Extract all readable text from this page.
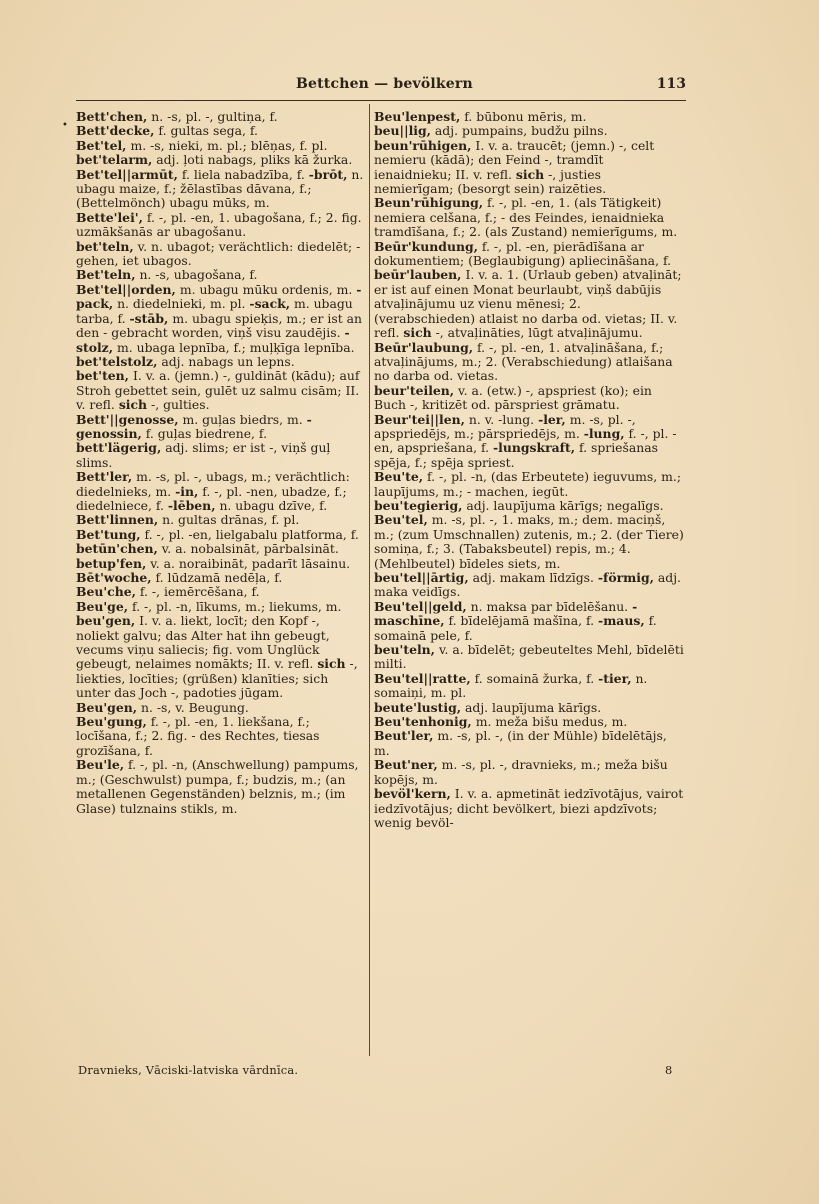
Bettchen — bevölkern	113
•
Bett'chen, n. -s, pl. -, gultiņa, f.
Bett'decke, f. gultas sega, f.
Bet'tel, m. -s, nieki, m. pl.; blēņas, f. pl.
bet'telarm, adj. ļoti nabags, pliks kā žurka.
Bet'tel||armūt, f. liela nabadzība, f. -brōt, n. ubagu maize, f.; žēlastības dāvana, f.; (Bettelmönch) ubagu mūks, m.
Bette'lei', f. -, pl. -en, 1. ubagošana, f.; 2. fig. uzmākšanās ar ubagošanu.
bet'teln, v. n. ubagot; verächtlich: diedelēt; - gehen, iet ubagos.
Bet'teln, n. -s, ubagošana, f.
Bet'tel||orden, m. ubagu mūku ordenis, m. -pack, n. diedelnieki, m. pl. -sack, m. ubagu tarba, f. -stāb, m. ubagu spieķis, m.; er ist an den - gebracht worden, viņš visu zaudējis. -stolz, m. ubaga lepnība, f.; muļķīga lepnība.
bet'telstolz, adj. nabags un lepns.
bet'ten, I. v. a. (jemn.) -, guldināt (kādu); auf Stroh gebettet sein, gulēt uz salmu cisām; II. v. refl. sich -, gulties.
Bett'||genosse, m. guļas biedrs, m. -genossin, f. guļas biedrene, f.
bett'lägerig, adj. slims; er ist -, viņš guļ slims.
Bett'ler, m. -s, pl. -, ubags, m.; verächtlich: diedelnieks, m. -in, f. -, pl. -nen, ubadze, f.; diedelniece, f. -lēben, n. ubagu dzīve, f.
Bett'linnen, n. gultas drānas, f. pl.
Bet'tung, f. -, pl. -en, lielgabalu platforma, f.
betūn'chen, v. a. nobalsināt, pārbalsināt.
betup'fen, v. a. noraibināt, padarīt lāsainu.
Bēt'woche, f. lūdzamā nedēļa, f.
Beu'che, f. -, iemērcēšana, f.
Beu'ge, f. -, pl. -n, līkums, m.; liekums, m.
beu'gen, I. v. a. liekt, locīt; den Kopf -, noliekt galvu; das Alter hat ihn gebeugt, vecums viņu saliecis; fig. vom Unglück gebeugt, nelaimes nomākts; II. v. refl. sich -, liekties, locīties; (grüßen) klanīties; sich unter das Joch -, padoties jūgam.
Beu'gen, n. -s, v. Beugung.
Beu'gung, f. -, pl. -en, 1. liekšana, f.; locīšana, f.; 2. fig. - des Rechtes, tiesas grozīšana, f.
Beu'le, f. -, pl. -n, (Anschwellung) pampums, m.; (Geschwulst) pumpa, f.; budzis, m.; (an metallenen Gegenständen) belznis, m.; (im Glase) tulznains stikls, m.
Beu'lenpest, f. būbonu mēris, m.
beu||lig, adj. pumpains, budžu pilns.
beun'rūhigen, I. v. a. traucēt; (jemn.) -, celt nemieru (kādā); den Feind -, tramdīt ienaidnieku; II. v. refl. sich -, justies nemierīgam; (besorgt sein) raizēties.
Beun'rūhigung, f. -, pl. -en, 1. (als Tätigkeit) nemiera celšana, f.; - des Feindes, ienaidnieka tramdīšana, f.; 2. (als Zustand) nemierīgums, m.
Beūr'kundung, f. -, pl. -en, pierādīšana ar dokumentiem; (Beglaubigung) apliecināšana, f.
beūr'lauben, I. v. a. 1. (Urlaub geben) atvaļināt; er ist auf einen Monat beurlaubt, viņš dabūjis atvaļinājumu uz vienu mēnesi; 2. (verabschieden) atlaist no darba od. vietas; II. v. refl. sich -, atvaļināties, lūgt atvaļinājumu.
Beūr'laubung, f. -, pl. -en, 1. atvaļināšana, f.; atvaļinājums, m.; 2. (Verabschiedung) atlaišana no darba od. vietas.
beur'teilen, v. a. (etw.) -, apspriest (ko); ein Buch -, kritizēt od. pārspriest grāmatu.
Beur'tei||len, n. v. -lung. -ler, m. -s, pl. -, apspriedējs, m.; pārspriedējs, m. -lung, f. -, pl. -en, apspriešana, f. -lungskraft, f. spriešanas spēja, f.; spēja spriest.
Beu'te, f. -, pl. -n, (das Erbeutete) ieguvums, m.; laupījums, m.; - machen, iegūt.
beu'tegierig, adj. laupījuma kārīgs; negalīgs.
Beu'tel, m. -s, pl. -, 1. maks, m.; dem. maciņš, m.; (zum Umschnallen) zutenis, m.; 2. (der Tiere) somiņa, f.; 3. (Tabaksbeutel) repis, m.; 4. (Mehlbeutel) bīdeles siets, m.
beu'tel||ārtig, adj. makam līdzīgs. -förmig, adj. maka veidīgs.
Beu'tel||geld, n. maksa par bīdelēšanu. -maschīne, f. bīdelējamā mašīna, f. -maus, f. somainā pele, f.
beu'teln, v. a. bīdelēt; gebeuteltes Mehl, bīdelēti milti.
Beu'tel||ratte, f. somainā žurka, f. -tier, n. somaiņi, m. pl.
beute'lustig, adj. laupījuma kārīgs.
Beu'tenhonig, m. meža bišu medus, m.
Beut'ler, m. -s, pl. -, (in der Mühle) bīdelētājs, m.
Beut'ner, m. -s, pl. -, dravnieks, m.; meža bišu kopējs, m.
bevöl'kern, I. v. a. apmetināt iedzīvotājus, vairot iedzīvotājus; dicht bevölkert, biezi apdzīvots; wenig bevöl-
Dravnieks, Vāciski-latviska vārdnīca.	8
